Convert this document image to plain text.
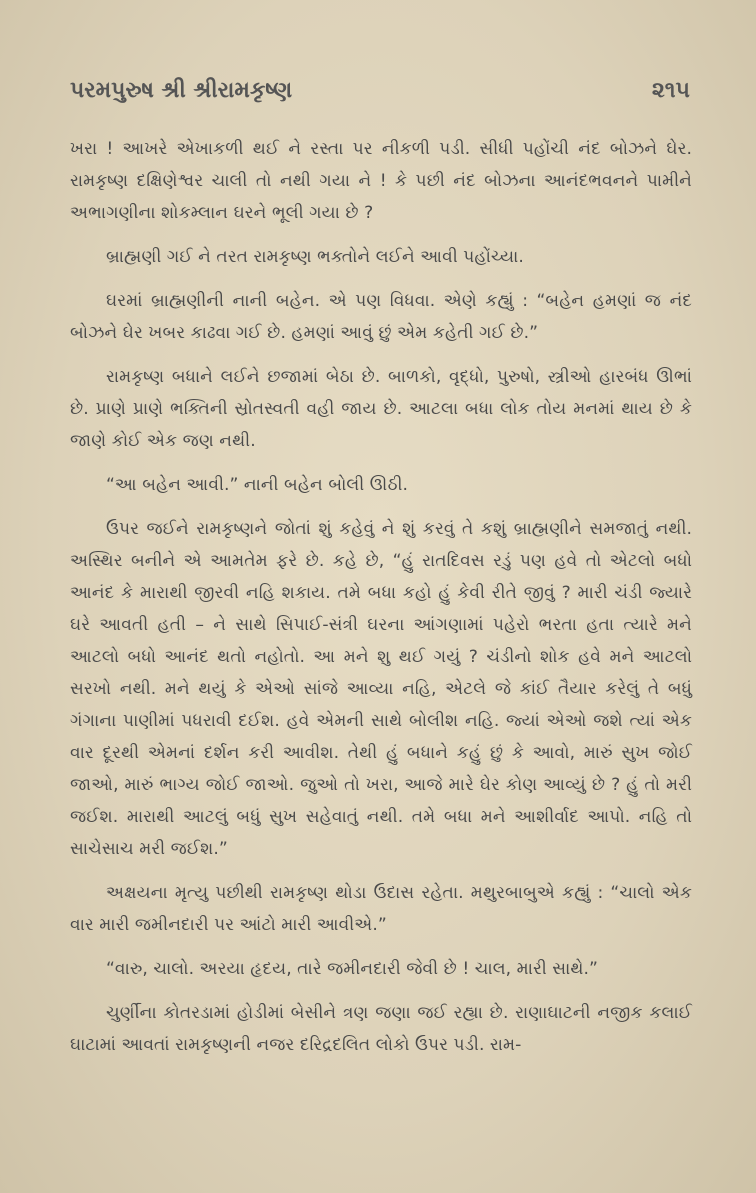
પરમપુરુષ શ્રી શ્રીરામકૃષ્ણ	૨૧૫

ખરા ! આખરે એખાકળી થઈ ને રસ્તા પર નીકળી પડી. સીધી પહોંચી નંદ બોઝને ઘેર. રામકૃષ્ણ દક્ષિણેશ્વર ચાલી તો નથી ગયા ને ! કે પછી નંદ બોઝના આનંદભવનને પામીને અભાગણીના શોકમ્લાન ઘરને ભૂલી ગયા છે ?

બ્રાહ્મણી ગઈ ને તરત રામકૃષ્ણ ભક્તોને લઈને આવી પહોંચ્યા.

ઘરમાં બ્રાહ્મણીની નાની બહેન. એ પણ વિધવા. એણે કહ્યું : “બહેન હમણાં જ નંદ બોઝને ઘેર ખબર કાઢવા ગઈ છે. હમણાં આવું છું એમ કહેતી ગઈ છે.”

રામકૃષ્ણ બધાને લઈને છજામાં બેઠા છે. બાળકો, વૃદ્ધો, પુરુષો, સ્ત્રીઓ હારબંધ ઊભાં છે. પ્રાણે પ્રાણે ભક્તિની સ્રોતસ્વતી વહી જાય છે. આટલા બધા લોક તોય મનમાં થાય છે કે જાણે કોઈ એક જણ નથી.

“આ બહેન આવી.” નાની બહેન બોલી ઊઠી.

ઉપર જઈને રામકૃષ્ણને જોતાં શું કહેવું ને શું કરવું તે કશું બ્રાહ્મણીને સમજાતું નથી. અસ્થિર બનીને એ આમતેમ ફરે છે. કહે છે, “હું રાતદિવસ રડું પણ હવે તો એટલો બધો આનંદ કે મારાથી જીરવી નહિ શકાય. તમે બધા કહો હું કેવી રીતે જીવું ? મારી ચંડી જ્યારે ઘરે આવતી હતી – ને સાથે સિપાઈ-સંત્રી ઘરના આંગણામાં પહેરો ભરતા હતા ત્યારે મને આટલો બધો આનંદ થતો નહોતો. આ મને શુ થઈ ગયું ? ચંડીનો શોક હવે મને આટલો સરખો નથી. મને થયું કે એઓ સાંજે આવ્યા નહિ, એટલે જે કાંઈ તૈયાર કરેલું તે બધું ગંગાના પાણીમાં પધરાવી દઈશ. હવે એમની સાથે બોલીશ નહિ. જ્યાં એઓ જશે ત્યાં એક વાર દૂરથી એમનાં દર્શન કરી આવીશ. તેથી હું બધાને કહું છું કે આવો, મારું સુખ જોઈ જાઓ, મારું ભાગ્ય જોઈ જાઓ. જુઓ તો ખરા, આજે મારે ઘેર કોણ આવ્યું છે ? હું તો મરી જઈશ. મારાથી આટલું બધું સુખ સહેવાતું નથી. તમે બધા મને આશીર્વાદ આપો. નહિ તો સાચેસાચ મરી જઈશ.”

અક્ષયના મૃત્યુ પછીથી રામકૃષ્ણ થોડા ઉદાસ રહેતા. મથુરબાબુએ કહ્યું : “ચાલો એક વાર મારી જમીનદારી પર આંટો મારી આવીએ.”

“વારુ, ચાલો. અરયા હૃદય, તારે જમીનદારી જેવી છે ! ચાલ, મારી સાથે.”

ચુર્ણીના કોતરડામાં હોડીમાં બેસીને ત્રણ જણા જઈ રહ્યા છે. રાણાઘાટની નજીક કલાઈ ઘાટામાં આવતાં રામકૃષ્ણની નજર દરિદ્રદલિત લોકો ઉપર પડી. રામ-
